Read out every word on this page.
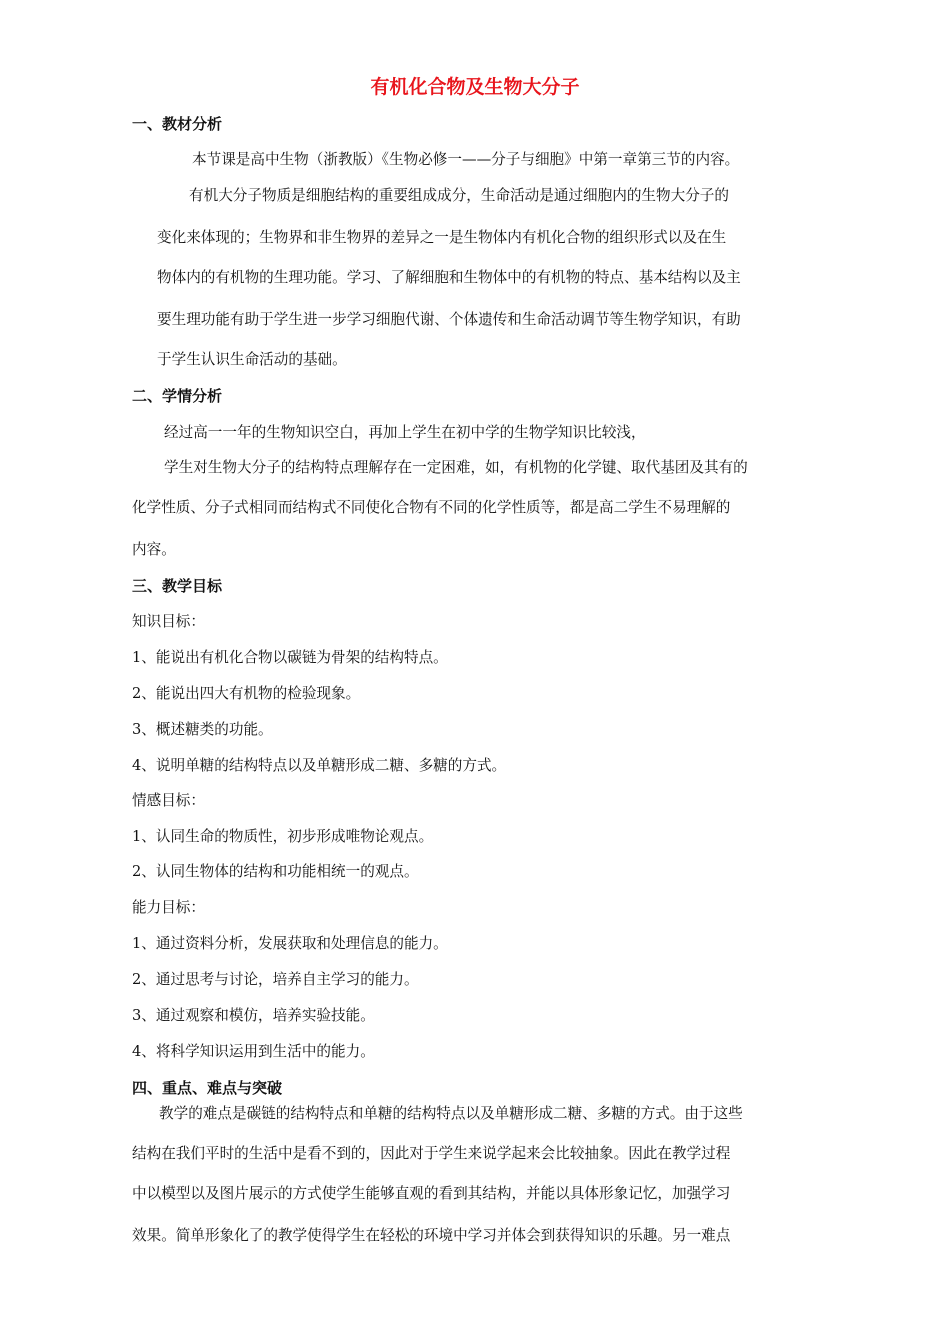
有机化合物及生物大分子
一、教材分析
本节课是高中生物（浙教版）《生物必修一——分子与细胞》中第一章第三节的内容。
有机大分子物质是细胞结构的重要组成成分，生命活动是通过细胞内的生物大分子的
变化来体现的；生物界和非生物界的差异之一是生物体内有机化合物的组织形式以及在生
物体内的有机物的生理功能。学习、了解细胞和生物体中的有机物的特点、基本结构以及主
要生理功能有助于学生进一步学习细胞代谢、个体遗传和生命活动调节等生物学知识，有助
于学生认识生命活动的基础。
二、学情分析
经过高一一年的生物知识空白，再加上学生在初中学的生物学知识比较浅，
学生对生物大分子的结构特点理解存在一定困难，如，有机物的化学键、取代基团及其有的
化学性质、分子式相同而结构式不同使化合物有不同的化学性质等，都是高二学生不易理解的
内容。
三、教学目标
知识目标：
1、能说出有机化合物以碳链为骨架的结构特点。
2、能说出四大有机物的检验现象。
3、概述糖类的功能。
4、说明单糖的结构特点以及单糖形成二糖、多糖的方式。
情感目标：
1、认同生命的物质性，初步形成唯物论观点。
2、认同生物体的结构和功能相统一的观点。
能力目标：
1、通过资料分析，发展获取和处理信息的能力。
2、通过思考与讨论，培养自主学习的能力。
3、通过观察和模仿，培养实验技能。
4、将科学知识运用到生活中的能力。
四、重点、难点与突破
教学的难点是碳链的结构特点和单糖的结构特点以及单糖形成二糖、多糖的方式。由于这些
结构在我们平时的生活中是看不到的，因此对于学生来说学起来会比较抽象。因此在教学过程
中以模型以及图片展示的方式使学生能够直观的看到其结构，并能以具体形象记忆，加强学习
效果。简单形象化了的教学使得学生在轻松的环境中学习并体会到获得知识的乐趣。另一难点
